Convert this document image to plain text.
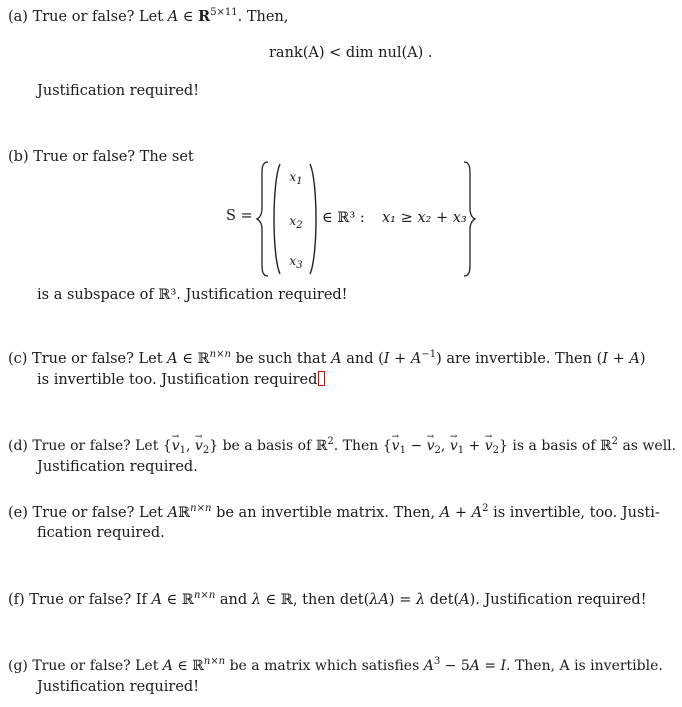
(a) True or false? Let A ∈ $R^{5\times 11}$. Then,
rank(A) < dim nul(A) .
Justification required!
(b) True or false? The set
S =
$x_1$
$x_2$
$x_3$
∈ ℝ³ : x₁ ≥ x₂ + x₃
is a subspace of ℝ³. Justification required!
(c) True or false? Let A ∈ ℝ$^{n\times n}$ be such that A and $(I + A^{-1})$ are invertible. Then (I + A)
is invertible too. Justification required
(d) True or false? Let {→ $v_1$, → $v_2$} be a basis of ℝ$^2$. Then {→ $v_1$ − → $v_2$, → $v_1$ + → $v_2$} is a basis of ℝ$^2$ as well.
Justification required.
(e) True or false? Let Aℝ$^{n\times n}$ be an invertible matrix. Then, $A + A^2$ is invertible, too. Justi-
fication required.
(f) True or false? If A ∈ ℝ$^{n\times n}$ and λ ∈ ℝ, then det(λA) = λ det(A). Justification required!
(g) True or false? Let A ∈ ℝ$^{n\times n}$ be a matrix which satisfies $A^3 - 5A = I$. Then, A is invertible.
Justification required!
